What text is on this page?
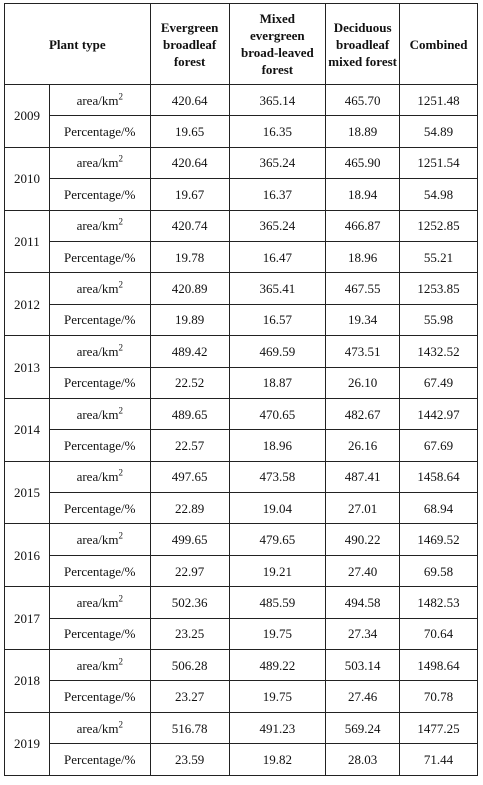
Plant type		Evergreen broadleaf forest	Mixed evergreen broad-leaved forest	Deciduous broadleaf mixed forest	Combined
2009	area/$km^2$	420.64	365.14	465.70	1251.48
	Percentage/%	19.65	16.35	18.89	54.89
2010	area/$km^2$	420.64	365.24	465.90	1251.54
	Percentage/%	19.67	16.37	18.94	54.98
2011	area/$km^2$	420.74	365.24	466.87	1252.85
	Percentage/%	19.78	16.47	18.96	55.21
2012	area/$km^2$	420.89	365.41	467.55	1253.85
	Percentage/%	19.89	16.57	19.34	55.98
2013	area/$km^2$	489.42	469.59	473.51	1432.52
	Percentage/%	22.52	18.87	26.10	67.49
2014	area/$km^2$	489.65	470.65	482.67	1442.97
	Percentage/%	22.57	18.96	26.16	67.69
2015	area/$km^2$	497.65	473.58	487.41	1458.64
	Percentage/%	22.89	19.04	27.01	68.94
2016	area/$km^2$	499.65	479.65	490.22	1469.52
	Percentage/%	22.97	19.21	27.40	69.58
2017	area/$km^2$	502.36	485.59	494.58	1482.53
	Percentage/%	23.25	19.75	27.34	70.64
2018	area/$km^2$	506.28	489.22	503.14	1498.64
	Percentage/%	23.27	19.75	27.46	70.78
2019	area/$km^2$	516.78	491.23	569.24	1477.25
	Percentage/%	23.59	19.82	28.03	71.44
